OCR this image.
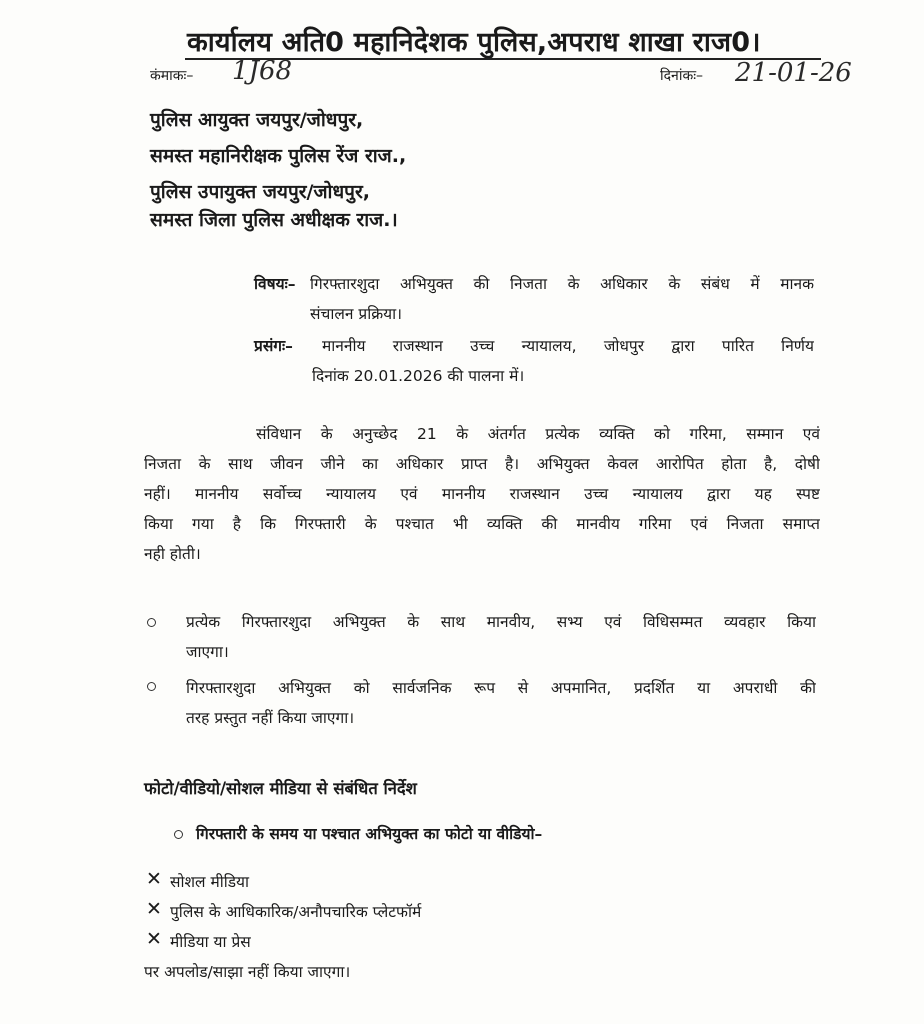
कार्यालय अति0 महानिदेशक पुलिस,अपराध शाखा राज0।
कंमाकः– 1J68	दिनांकः– 21-01-26
पुलिस आयुक्त जयपुर/जोधपुर,
समस्त महानिरीक्षक पुलिस रेंज राज.,
पुलिस उपायुक्त जयपुर/जोधपुर,
समस्त जिला पुलिस अधीक्षक राज.।
विषयः– गिरफ्तारशुदा अभियुक्त की निजता के अधिकार के संबंध में मानक
संचालन प्रक्रिया।
प्रसंगः– माननीय राजस्थान उच्च न्यायालय, जोधपुर द्वारा पारित निर्णय
दिनांक 20.01.2026 की पालना में।
संविधान के अनुच्छेद 21 के अंतर्गत प्रत्येक व्यक्ति को गरिमा, सम्मान एवं
निजता के साथ जीवन जीने का अधिकार प्राप्त है। अभियुक्त केवल आरोपित होता है, दोषी
नहीं। माननीय सर्वोच्च न्यायालय एवं माननीय राजस्थान उच्च न्यायालय द्वारा यह स्पष्ट
किया गया है कि गिरफ्तारी के पश्चात भी व्यक्ति की मानवीय गरिमा एवं निजता समाप्त
नही होती।
प्रत्येक गिरफ्तारशुदा अभियुक्त के साथ मानवीय, सभ्य एवं विधिसम्मत व्यवहार किया
जाएगा।
गिरफ्तारशुदा अभियुक्त को सार्वजनिक रूप से अपमानित, प्रदर्शित या अपराधी की
तरह प्रस्तुत नहीं किया जाएगा।
फोटो/वीडियो/सोशल मीडिया से संबंधित निर्देश
गिरफ्तारी के समय या पश्चात अभियुक्त का फोटो या वीडियो–
✕ सोशल मीडिया
✕ पुलिस के आधिकारिक/अनौपचारिक प्लेटफॉर्म
✕ मीडिया या प्रेस
पर अपलोड/साझा नहीं किया जाएगा।
